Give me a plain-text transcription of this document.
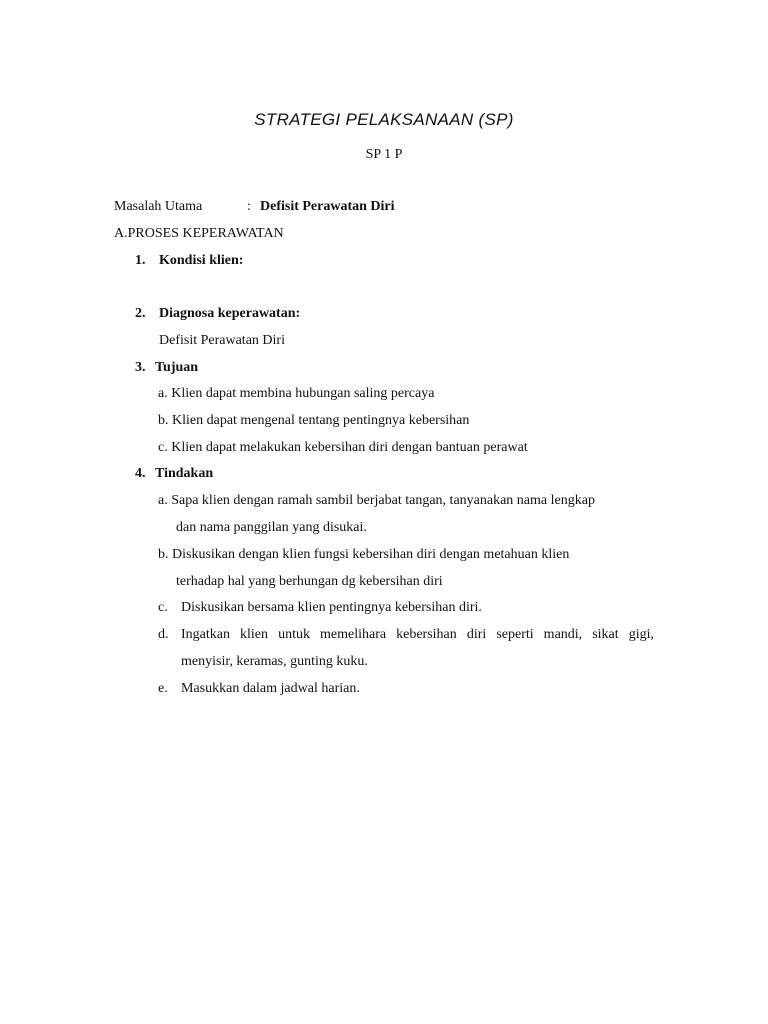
STRATEGI PELAKSANAAN (SP)
SP 1 P
Masalah Utama	: Defisit Perawatan Diri
A.PROSES KEPERAWATAN
1. Kondisi klien:
2. Diagnosa keperawatan:
Defisit Perawatan Diri
3. Tujuan
a. Klien dapat membina hubungan saling percaya
b. Klien dapat mengenal tentang pentingnya kebersihan
c. Klien dapat melakukan kebersihan diri dengan bantuan perawat
4. Tindakan
a. Sapa klien dengan ramah sambil berjabat tangan, tanyanakan nama lengkap
dan nama panggilan yang disukai.
b. Diskusikan dengan klien fungsi kebersihan diri dengan metahuan klien
terhadap hal yang berhungan dg kebersihan diri
c. Diskusikan bersama klien pentingnya kebersihan diri.
d. Ingatkan klien untuk memelihara kebersihan diri seperti mandi, sikat gigi,
menyisir, keramas, gunting kuku.
e. Masukkan dalam jadwal harian.
